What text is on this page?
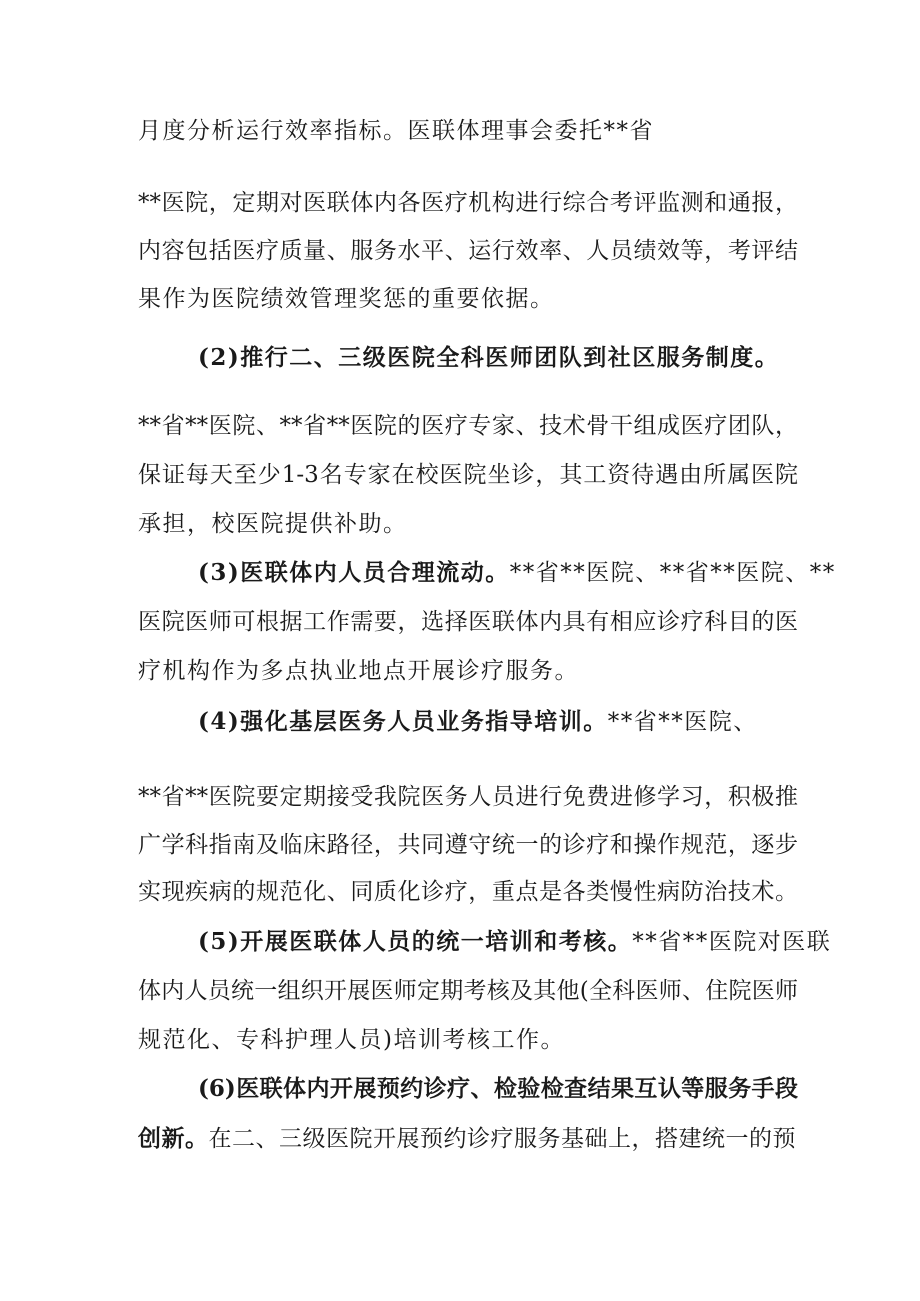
月度分析运行效率指标。医联体理事会委托**省
**医院，定期对医联体内各医疗机构进行综合考评监测和通报，
内容包括医疗质量、服务水平、运行效率、人员绩效等，考评结
果作为医院绩效管理奖惩的重要依据。
(2)推行二、三级医院全科医师团队到社区服务制度。
**省**医院、**省**医院的医疗专家、技术骨干组成医疗团队，
保证每天至少1-3名专家在校医院坐诊，其工资待遇由所属医院
承担，校医院提供补助。
(3)医联体内人员合理流动。**省**医院、**省**医院、**
医院医师可根据工作需要，选择医联体内具有相应诊疗科目的医
疗机构作为多点执业地点开展诊疗服务。
(4)强化基层医务人员业务指导培训。**省**医院、
**省**医院要定期接受我院医务人员进行免费进修学习，积极推
广学科指南及临床路径，共同遵守统一的诊疗和操作规范，逐步
实现疾病的规范化、同质化诊疗，重点是各类慢性病防治技术。
(5)开展医联体人员的统一培训和考核。**省**医院对医联
体内人员统一组织开展医师定期考核及其他(全科医师、住院医师
规范化、专科护理人员)培训考核工作。
(6)医联体内开展预约诊疗、检验检查结果互认等服务手段
创新。在二、三级医院开展预约诊疗服务基础上，搭建统一的预
